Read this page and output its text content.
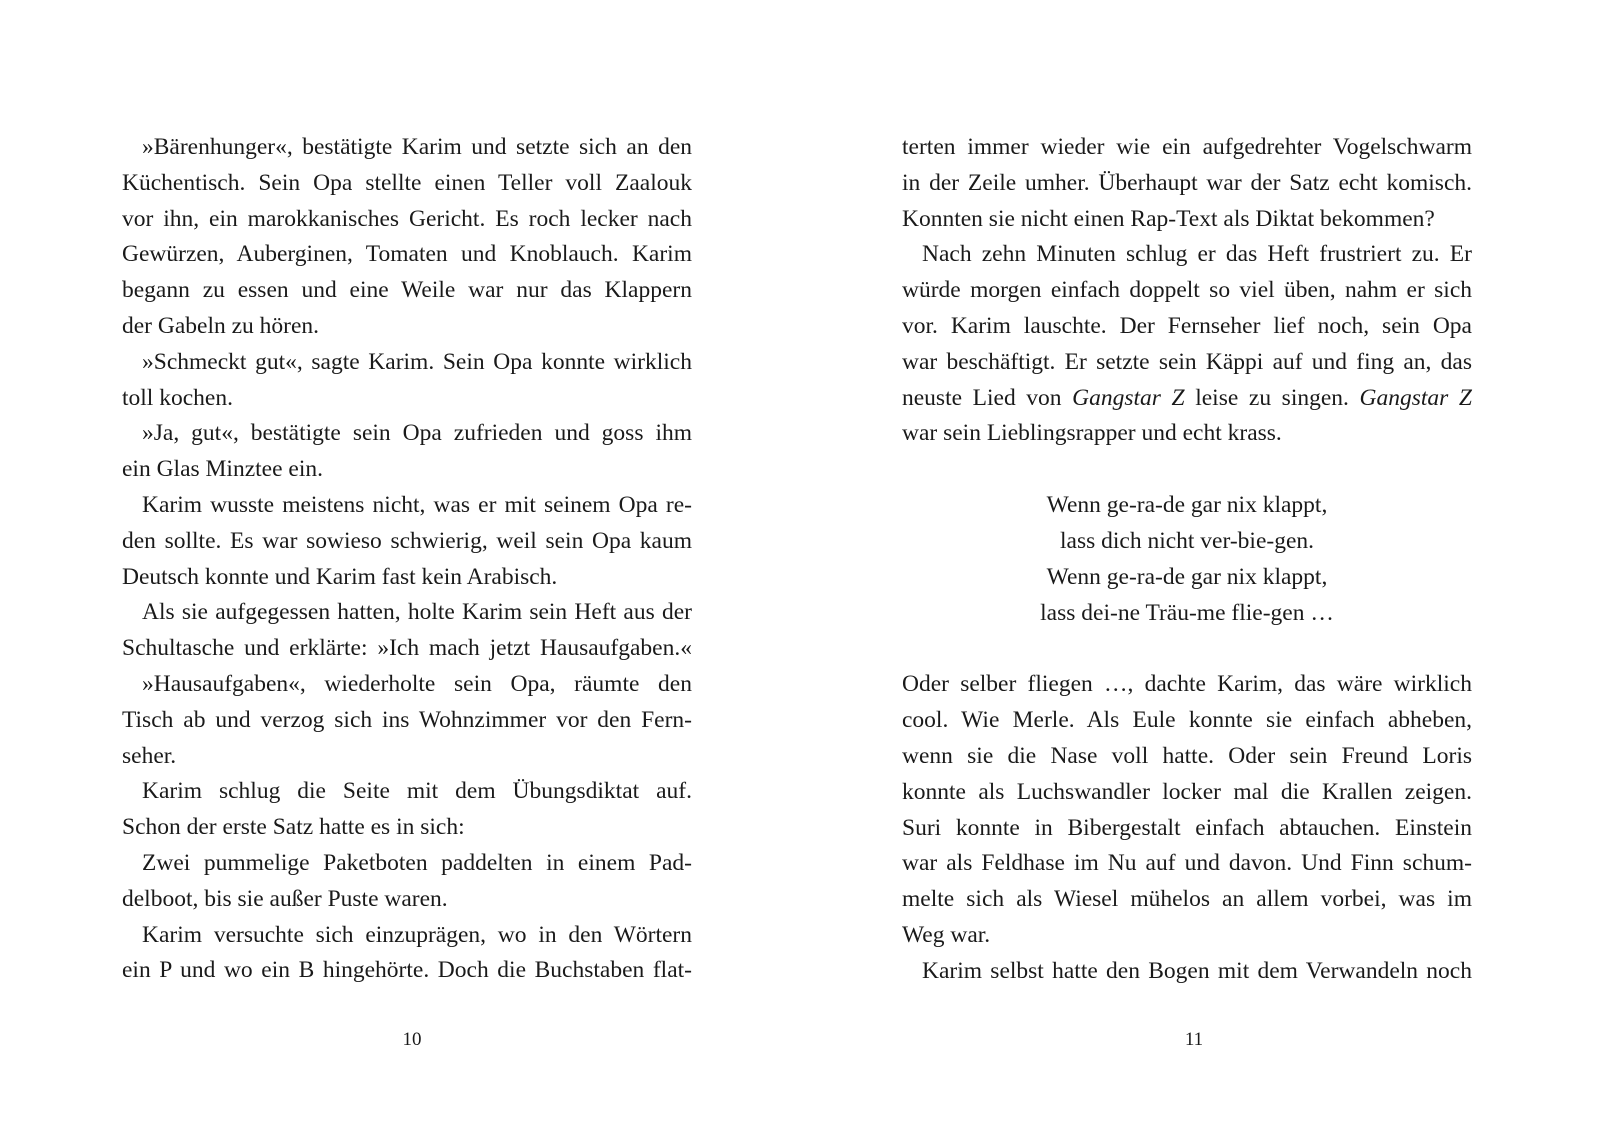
»Bärenhunger«, bestätigte Karim und setzte sich an den
Küchentisch. Sein Opa stellte einen Teller voll Zaalouk
vor ihn, ein marokkanisches Gericht. Es roch lecker nach
Gewürzen, Auberginen, Tomaten und Knoblauch. Karim
begann zu essen und eine Weile war nur das Klappern
der Gabeln zu hören.
»Schmeckt gut«, sagte Karim. Sein Opa konnte wirklich
toll kochen.
»Ja, gut«, bestätigte sein Opa zufrieden und goss ihm
ein Glas Minztee ein.
Karim wusste meistens nicht, was er mit seinem Opa re-
den sollte. Es war sowieso schwierig, weil sein Opa kaum
Deutsch konnte und Karim fast kein Arabisch.
Als sie aufgegessen hatten, holte Karim sein Heft aus der
Schultasche und erklärte: »Ich mach jetzt Hausaufgaben.«
»Hausaufgaben«, wiederholte sein Opa, räumte den
Tisch ab und verzog sich ins Wohnzimmer vor den Fern-
seher.
Karim schlug die Seite mit dem Übungsdiktat auf.
Schon der erste Satz hatte es in sich:
Zwei pummelige Paketboten paddelten in einem Pad-
delboot, bis sie außer Puste waren.
Karim versuchte sich einzuprägen, wo in den Wörtern
ein P und wo ein B hingehörte. Doch die Buchstaben flat-
terten immer wieder wie ein aufgedrehter Vogelschwarm
in der Zeile umher. Überhaupt war der Satz echt komisch.
Konnten sie nicht einen Rap-Text als Diktat bekommen?
Nach zehn Minuten schlug er das Heft frustriert zu. Er
würde morgen einfach doppelt so viel üben, nahm er sich
vor. Karim lauschte. Der Fernseher lief noch, sein Opa
war beschäftigt. Er setzte sein Käppi auf und fing an, das
neuste Lied von Gangstar Z leise zu singen. Gangstar Z
war sein Lieblingsrapper und echt krass.
Wenn ge-ra-de gar nix klappt,
lass dich nicht ver-bie-gen.
Wenn ge-ra-de gar nix klappt,
lass dei-ne Träu-me flie-gen …
Oder selber fliegen …, dachte Karim, das wäre wirklich
cool. Wie Merle. Als Eule konnte sie einfach abheben,
wenn sie die Nase voll hatte. Oder sein Freund Loris
konnte als Luchswandler locker mal die Krallen zeigen.
Suri konnte in Bibergestalt einfach abtauchen. Einstein
war als Feldhase im Nu auf und davon. Und Finn schum-
melte sich als Wiesel mühelos an allem vorbei, was im
Weg war.
Karim selbst hatte den Bogen mit dem Verwandeln noch
10	11
